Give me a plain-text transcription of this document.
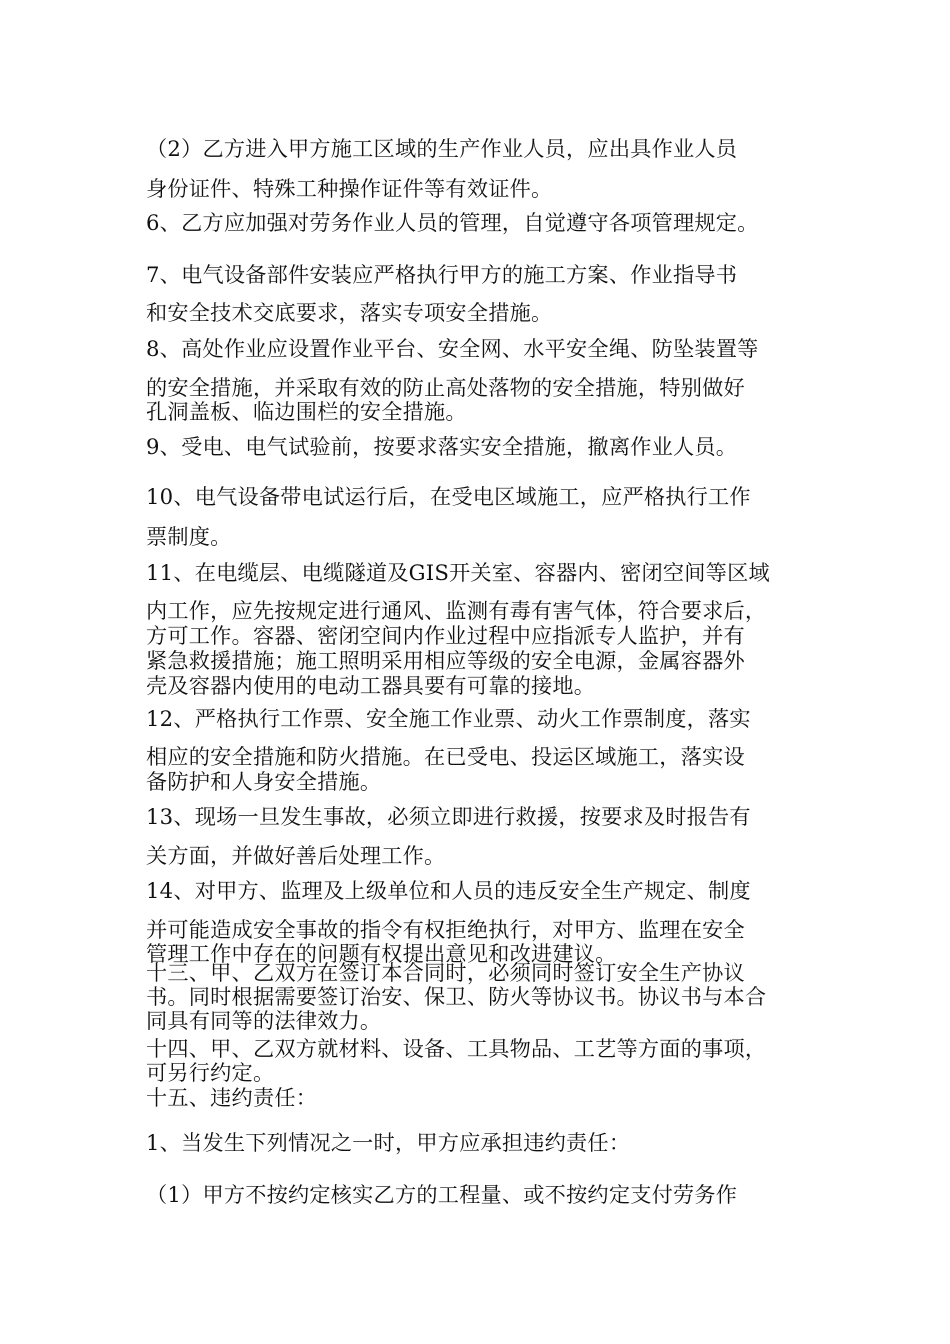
（2）乙方进入甲方施工区域的生产作业人员，应出具作业人员
身份证件、特殊工种操作证件等有效证件。
6、乙方应加强对劳务作业人员的管理，自觉遵守各项管理规定。
7、电气设备部件安装应严格执行甲方的施工方案、作业指导书
和安全技术交底要求，落实专项安全措施。
8、高处作业应设置作业平台、安全网、水平安全绳、防坠装置等
的安全措施，并采取有效的防止高处落物的安全措施，特别做好
孔洞盖板、临边围栏的安全措施。
9、受电、电气试验前，按要求落实安全措施，撤离作业人员。
10、电气设备带电试运行后，在受电区域施工，应严格执行工作
票制度。
11、在电缆层、电缆隧道及GIS开关室、容器内、密闭空间等区域
内工作，应先按规定进行通风、监测有毒有害气体，符合要求后，
方可工作。容器、密闭空间内作业过程中应指派专人监护，并有
紧急救援措施；施工照明采用相应等级的安全电源，金属容器外
壳及容器内使用的电动工器具要有可靠的接地。
12、严格执行工作票、安全施工作业票、动火工作票制度，落实
相应的安全措施和防火措施。在已受电、投运区域施工，落实设
备防护和人身安全措施。
13、现场一旦发生事故，必须立即进行救援，按要求及时报告有
关方面，并做好善后处理工作。
14、对甲方、监理及上级单位和人员的违反安全生产规定、制度
并可能造成安全事故的指令有权拒绝执行，对甲方、监理在安全
管理工作中存在的问题有权提出意见和改进建议。
十三、甲、乙双方在签订本合同时，必须同时签订安全生产协议
书。同时根据需要签订治安、保卫、防火等协议书。协议书与本合
同具有同等的法律效力。
十四、甲、乙双方就材料、设备、工具物品、工艺等方面的事项，
可另行约定。
十五、违约责任：
1、当发生下列情况之一时，甲方应承担违约责任：
（1）甲方不按约定核实乙方的工程量、或不按约定支付劳务作
